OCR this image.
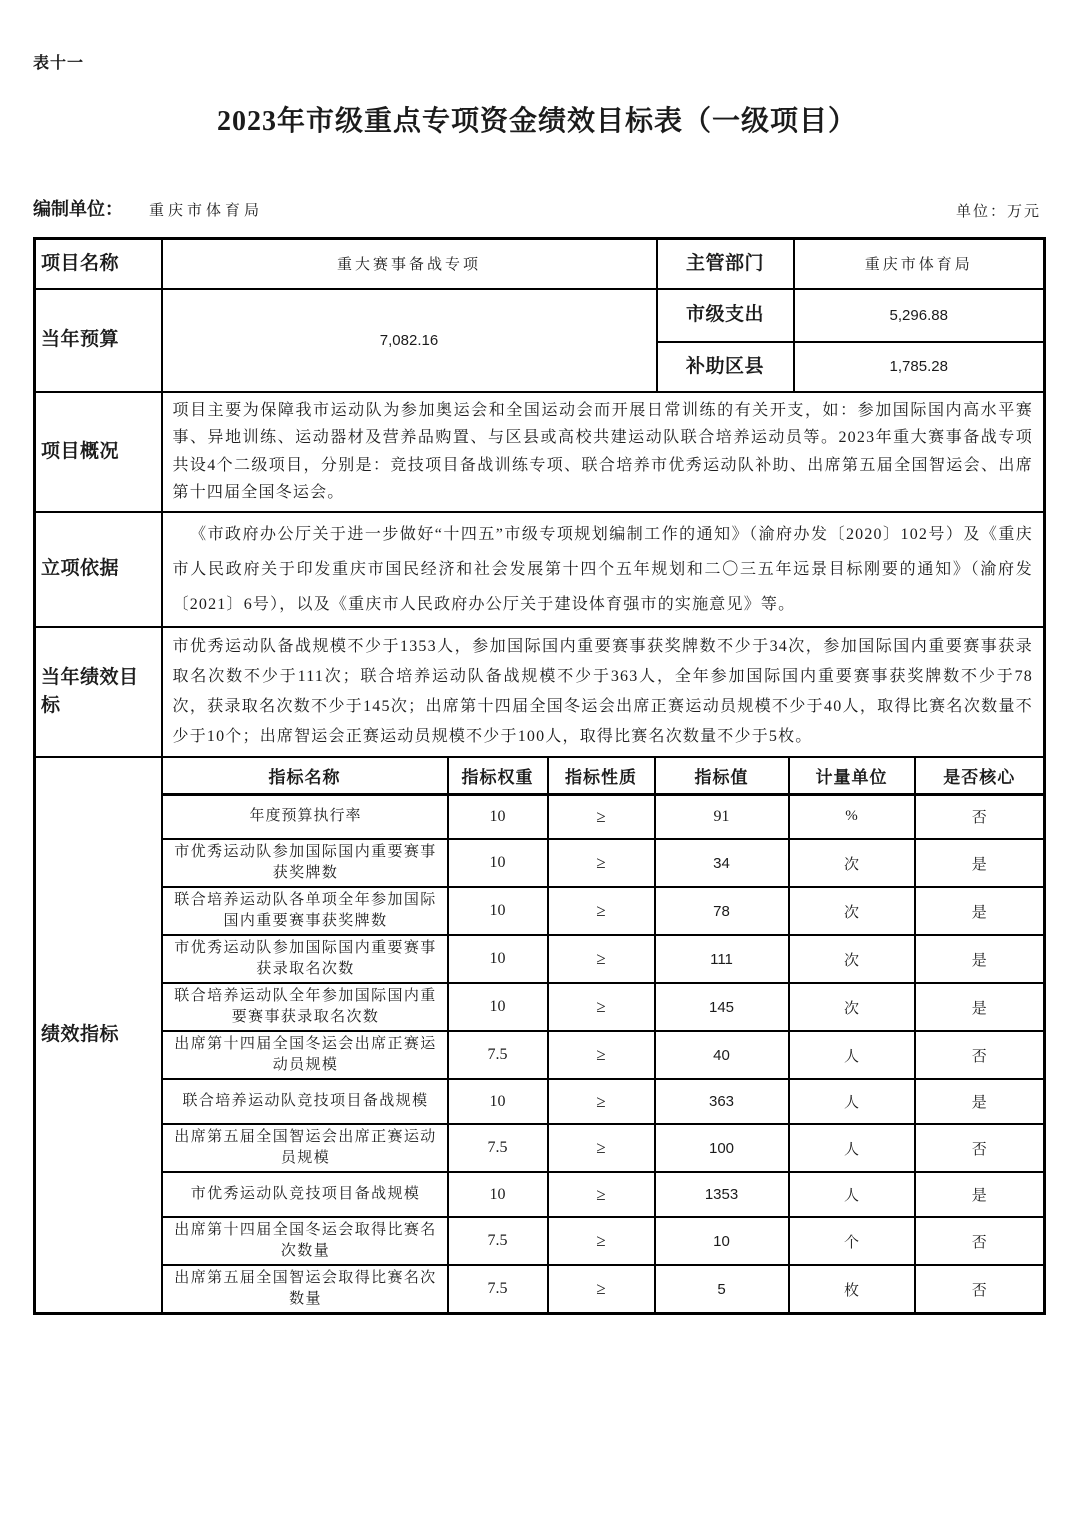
表十一
2023年市级重点专项资金绩效目标表（一级项目）
编制单位： 重庆市体育局	单位：万元
项目名称	重大赛事备战专项	主管部门	重庆市体育局
当年预算	7,082.16	市级支出	5,296.88
补助区县	1,785.28
项目概况	项目主要为保障我市运动队为参加奥运会和全国运动会而开展日常训练的有关开支，如：参加国际国内高水平赛事、异地训练、运动器材及营养品购置、与区县或高校共建运动队联合培养运动员等。2023年重大赛事备战专项共设4个二级项目，分别是：竞技项目备战训练专项、联合培养市优秀运动队补助、出席第五届全国智运会、出席第十四届全国冬运会。
立项依据	《市政府办公厅关于进一步做好“十四五”市级专项规划编制工作的通知》（渝府办发〔2020〕102号）及《重庆市人民政府关于印发重庆市国民经济和社会发展第十四个五年规划和二〇三五年远景目标刚要的通知》（渝府发〔2021〕6号），以及《重庆市人民政府办公厅关于建设体育强市的实施意见》等。
当年绩效目标	市优秀运动队备战规模不少于1353人，参加国际国内重要赛事获奖牌数不少于34次，参加国际国内重要赛事获录取名次数不少于111次；联合培养运动队备战规模不少于363人，全年参加国际国内重要赛事获奖牌数不少于78次，获录取名次数不少于145次；出席第十四届全国冬运会出席正赛运动员规模不少于40人，取得比赛名次数量不少于10个；出席智运会正赛运动员规模不少于100人，取得比赛名次数量不少于5枚。
绩效指标	
指标名称	指标权重	指标性质	指标值	计量单位	是否核心
年度预算执行率	10	≥	91	%	否
市优秀运动队参加国际国内重要赛事获奖牌数	10	≥	34	次	是
联合培养运动队各单项全年参加国际国内重要赛事获奖牌数	10	≥	78	次	是
市优秀运动队参加国际国内重要赛事获录取名次数	10	≥	111	次	是
联合培养运动队全年参加国际国内重要赛事获录取名次数	10	≥	145	次	是
出席第十四届全国冬运会出席正赛运动员规模	7.5	≥	40	人	否
联合培养运动队竞技项目备战规模	10	≥	363	人	是
出席第五届全国智运会出席正赛运动员规模	7.5	≥	100	人	否
市优秀运动队竞技项目备战规模	10	≥	1353	人	是
出席第十四届全国冬运会取得比赛名次数量	7.5	≥	10	个	否
出席第五届全国智运会取得比赛名次数量	7.5	≥	5	枚	否
